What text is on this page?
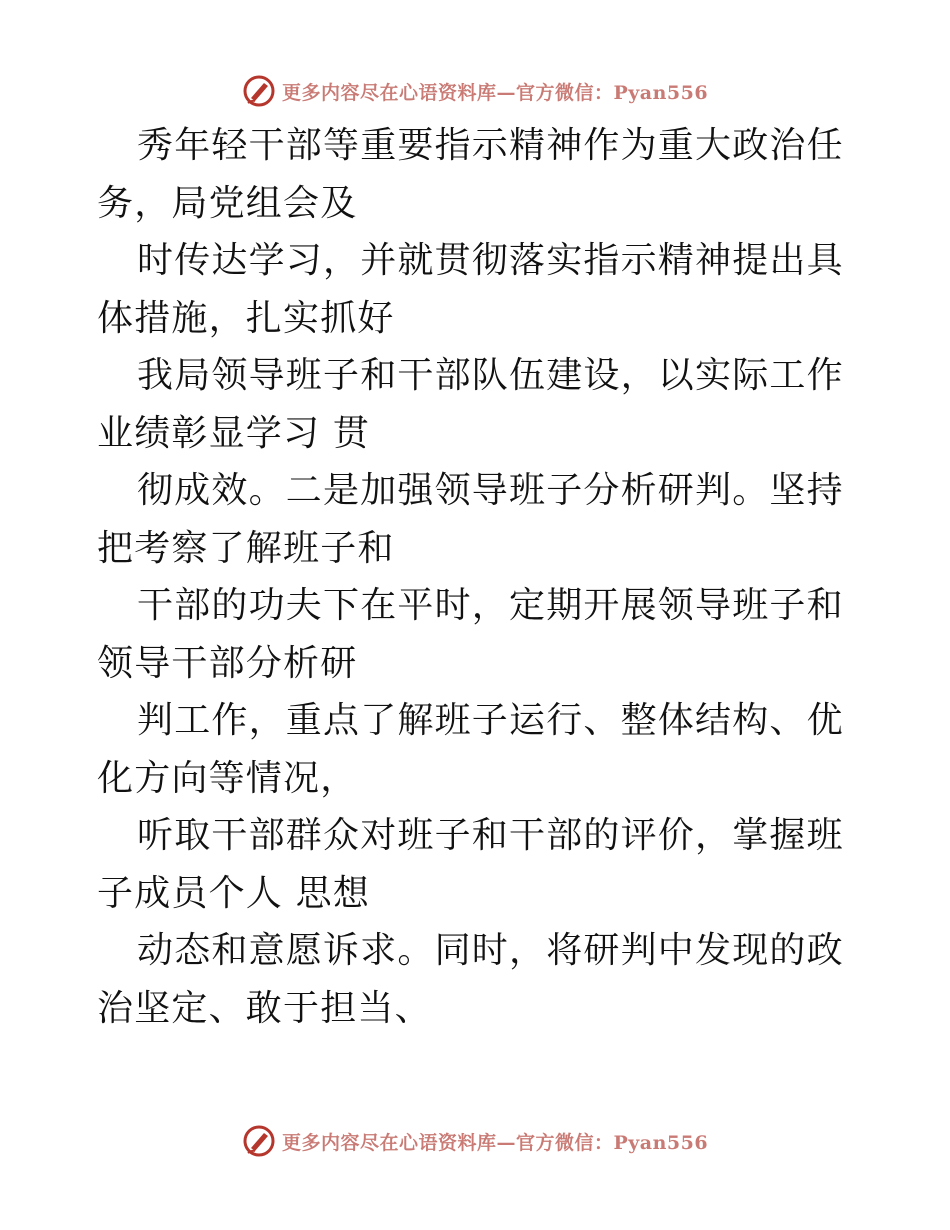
更多内容尽在心语资料库—官方微信：Pyan556

秀年轻干部等重要指示精神作为重大政治任务，局党组会及

时传达学习，并就贯彻落实指示精神提出具体措施，扎实抓好

我局领导班子和干部队伍建设，以实际工作业绩彰显学习 贯

彻成效。二是加强领导班子分析研判。坚持把考察了解班子和

干部的功夫下在平时，定期开展领导班子和领导干部分析研

判工作，重点了解班子运行、整体结构、优化方向等情况，

听取干部群众对班子和干部的评价，掌握班子成员个人 思想

动态和意愿诉求。同时，将研判中发现的政治坚定、敢于担当、

更多内容尽在心语资料库—官方微信：Pyan556
